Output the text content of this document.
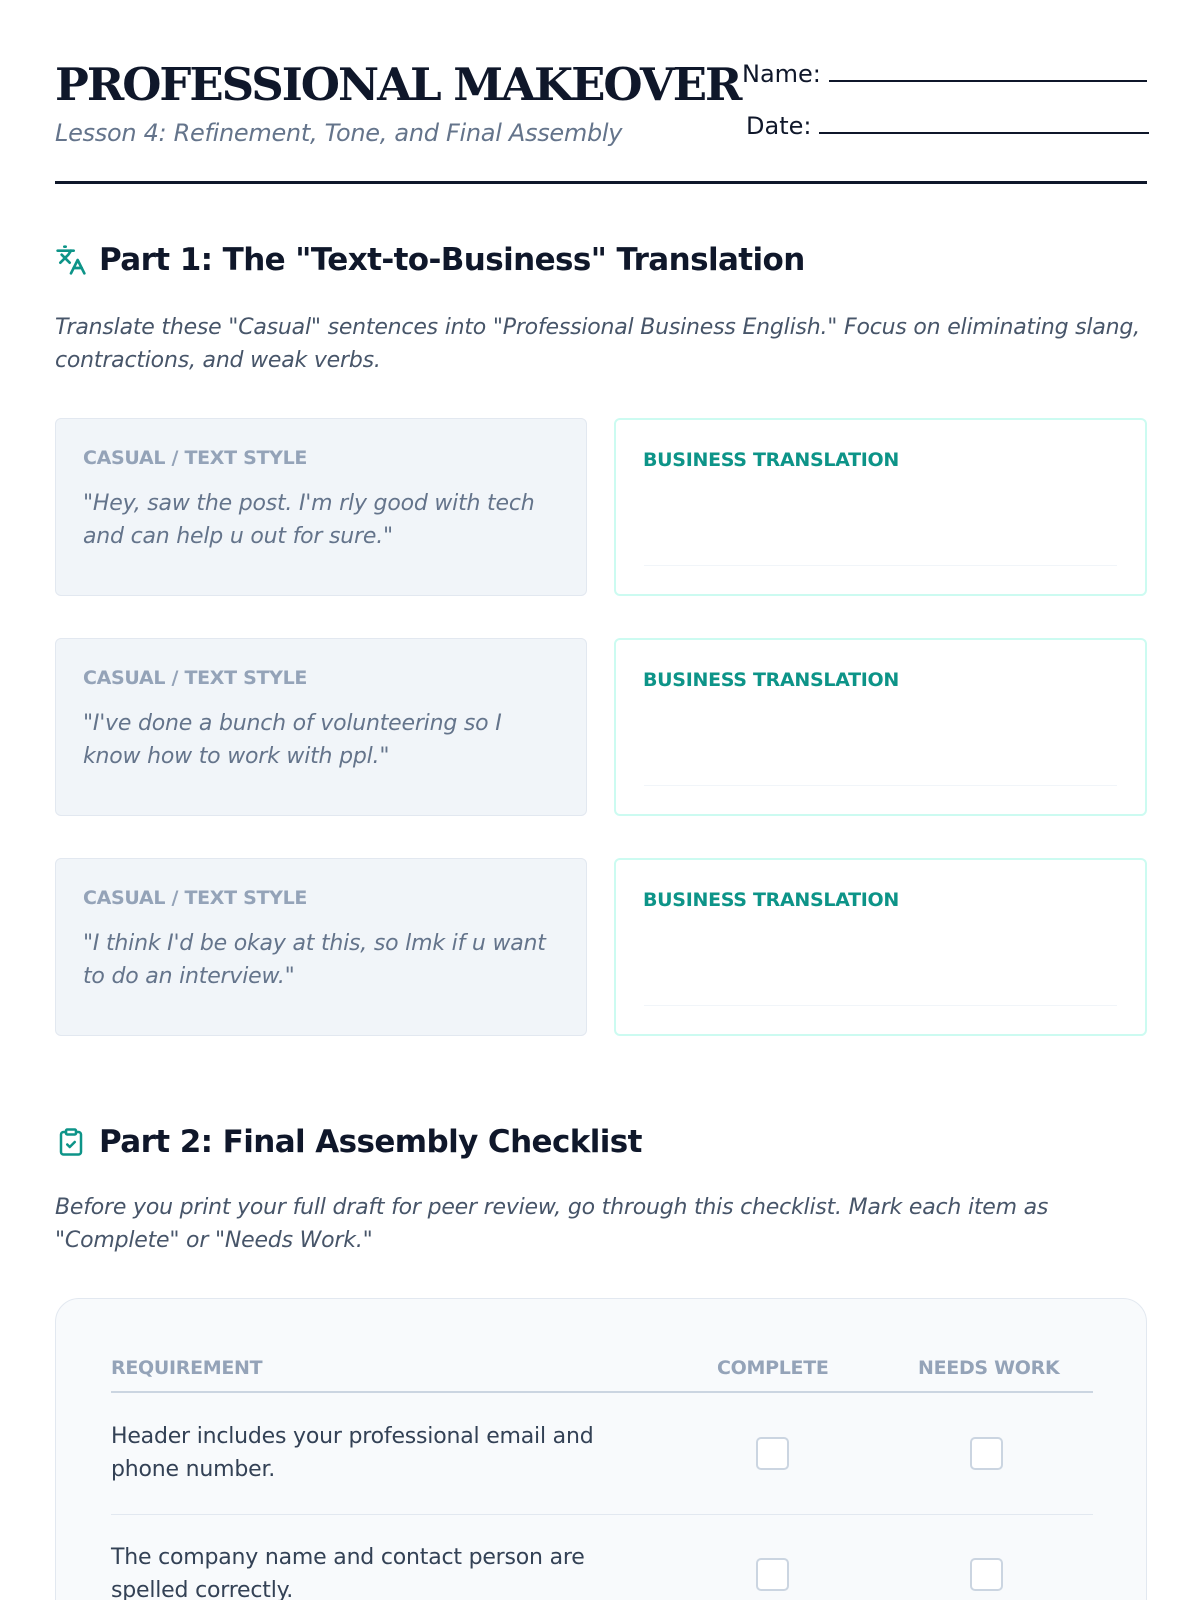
PROFESSIONAL MAKEOVER
Lesson 4: Refinement, Tone, and Final Assembly
Name:
Date:
Part 1: The "Text-to-Business" Translation
Translate these "Casual" sentences into "Professional Business English." Focus on eliminating slang, contractions, and weak verbs.
CASUAL / TEXT STYLE
"Hey, saw the post. I'm rly good with tech and can help u out for sure."
BUSINESS TRANSLATION
CASUAL / TEXT STYLE
"I've done a bunch of volunteering so I know how to work with ppl."
BUSINESS TRANSLATION
CASUAL / TEXT STYLE
"I think I'd be okay at this, so lmk if u want to do an interview."
BUSINESS TRANSLATION
Part 2: Final Assembly Checklist
Before you print your full draft for peer review, go through this checklist. Mark each item as "Complete" or "Needs Work."
REQUIREMENT	COMPLETE	NEEDS WORK
Header includes your professional email and phone number.
The company name and contact person are spelled correctly.
